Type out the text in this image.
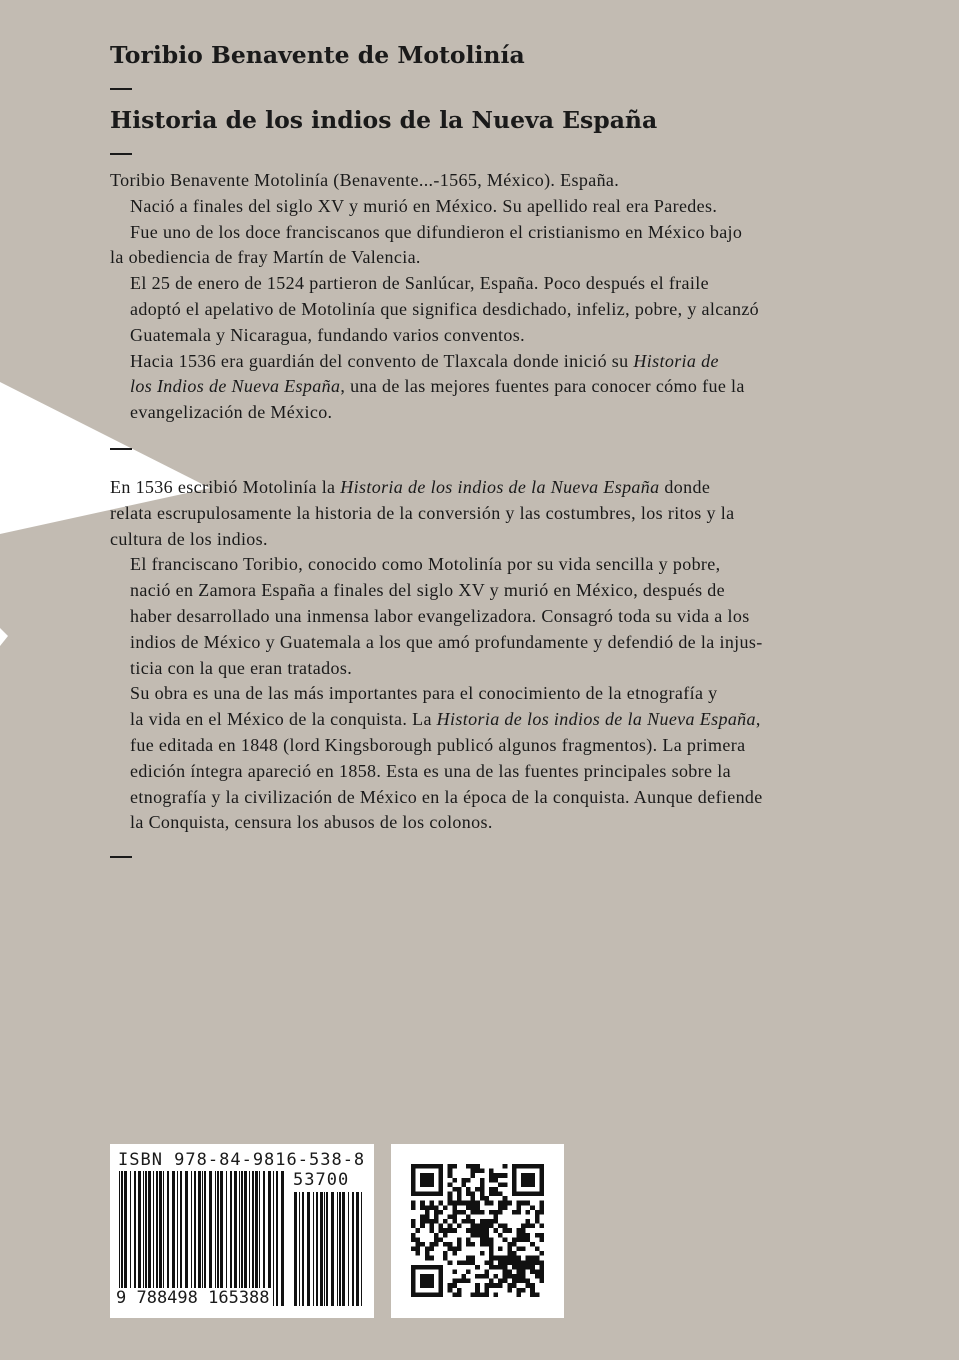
Toribio Benavente de Motolinía
Historia de los indios de la Nueva España

Toribio Benavente Motolinía (Benavente...-1565, México). España.

Nació a finales del siglo XV y murió en México. Su apellido real era Paredes.

Fue uno de los doce franciscanos que difundieron el cristianismo en México bajo
la obediencia de fray Martín de Valencia.

El 25 de enero de 1524 partieron de Sanlúcar, España. Poco después el fraile
adoptó el apelativo de Motolinía que significa desdichado, infeliz, pobre, y alcanzó
Guatemala y Nicaragua, fundando varios conventos.

Hacia 1536 era guardián del convento de Tlaxcala donde inició su Historia de
los Indios de Nueva España, una de las mejores fuentes para conocer cómo fue la
evangelización de México.

En 1536 escribió Motolinía la Historia de los indios de la Nueva España donde
relata escrupulosamente la historia de la conversión y las costumbres, los ritos y la
cultura de los indios.

El franciscano Toribio, conocido como Motolinía por su vida sencilla y pobre,
nació en Zamora España a finales del siglo XV y murió en México, después de
haber desarrollado una inmensa labor evangelizadora. Consagró toda su vida a los
indios de México y Guatemala a los que amó profundamente y defendió de la injus-
ticia con la que eran tratados.

Su obra es una de las más importantes para el conocimiento de la etnografía y
la vida en el México de la conquista. La Historia de los indios de la Nueva España,
fue editada en 1848 (lord Kingsborough publicó algunos fragmentos). La primera
edición íntegra apareció en 1858. Esta es una de las fuentes principales sobre la
etnografía y la civilización de México en la época de la conquista. Aunque defiende
la Conquista, censura los abusos de los colonos.

ISBN 978-84-9816-538-8
53700
9 788498 165388
